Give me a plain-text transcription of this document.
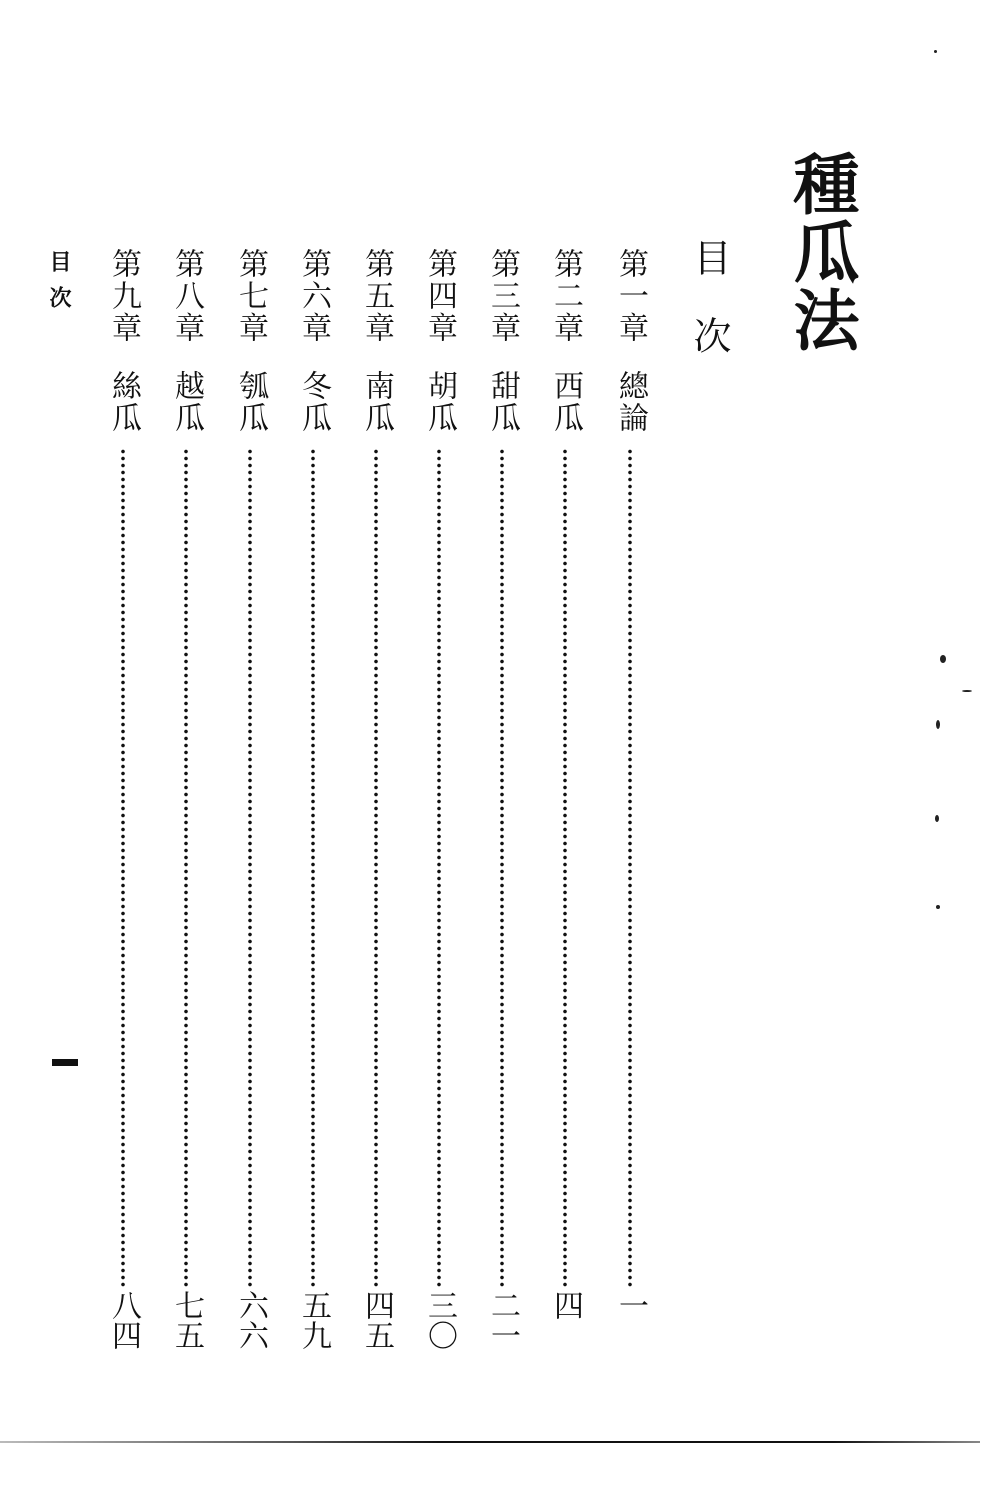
種瓜法
目次
第一章
總論
一
第二章
西瓜
四
第三章
甜瓜
二一
第四章
胡瓜
三〇
第五章
南瓜
四五
第六章
冬瓜
五九
第七章
瓠瓜
六六
第八章
越瓜
七五
第九章
絲瓜
八四
目次
